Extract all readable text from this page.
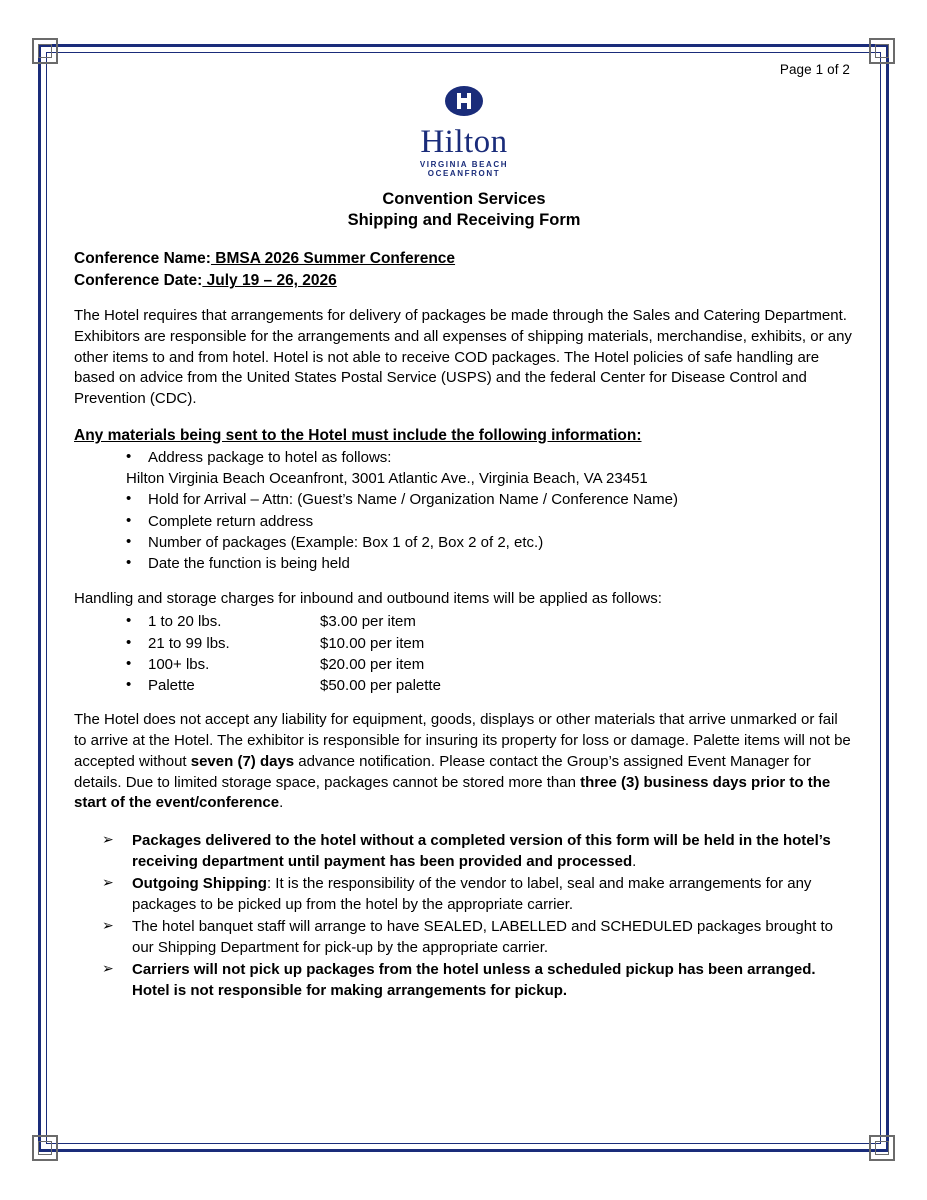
Page 1 of 2
Hilton
VIRGINIA BEACH
OCEANFRONT
Convention Services
Shipping and Receiving Form
Conference Name: BMSA 2026 Summer Conference
Conference Date: July 19 – 26, 2026

The Hotel requires that arrangements for delivery of packages be made through the Sales and Catering Department. Exhibitors are responsible for the arrangements and all expenses of shipping materials, merchandise, exhibits, or any other items to and from hotel. Hotel is not able to receive COD packages. The Hotel policies of safe handling are based on advice from the United States Postal Service (USPS) and the federal Center for Disease Control and Prevention (CDC).

Any materials being sent to the Hotel must include the following information:
• Address package to hotel as follows:
Hilton Virginia Beach Oceanfront, 3001 Atlantic Ave., Virginia Beach, VA 23451
• Hold for Arrival – Attn: (Guest’s Name / Organization Name / Conference Name)
• Complete return address
• Number of packages (Example: Box 1 of 2, Box 2 of 2, etc.)
• Date the function is being held

Handling and storage charges for inbound and outbound items will be applied as follows:

• 1 to 20 lbs.	$3.00 per item
• 21 to 99 lbs.	$10.00 per item
• 100+ lbs.	$20.00 per item
• Palette	$50.00 per palette

The Hotel does not accept any liability for equipment, goods, displays or other materials that arrive unmarked or fail to arrive at the Hotel. The exhibitor is responsible for insuring its property for loss or damage. Palette items will not be accepted without seven (7) days advance notification. Please contact the Group’s assigned Event Manager for details. Due to limited storage space, packages cannot be stored more than three (3) business days prior to the start of the event/conference.

➢ Packages delivered to the hotel without a completed version of this form will be held in the hotel’s receiving department until payment has been provided and processed.
➢ Outgoing Shipping: It is the responsibility of the vendor to label, seal and make arrangements for any packages to be picked up from the hotel by the appropriate carrier.
➢ The hotel banquet staff will arrange to have SEALED, LABELLED and SCHEDULED packages brought to our Shipping Department for pick-up by the appropriate carrier.
➢ Carriers will not pick up packages from the hotel unless a scheduled pickup has been arranged. Hotel is not responsible for making arrangements for pickup.
